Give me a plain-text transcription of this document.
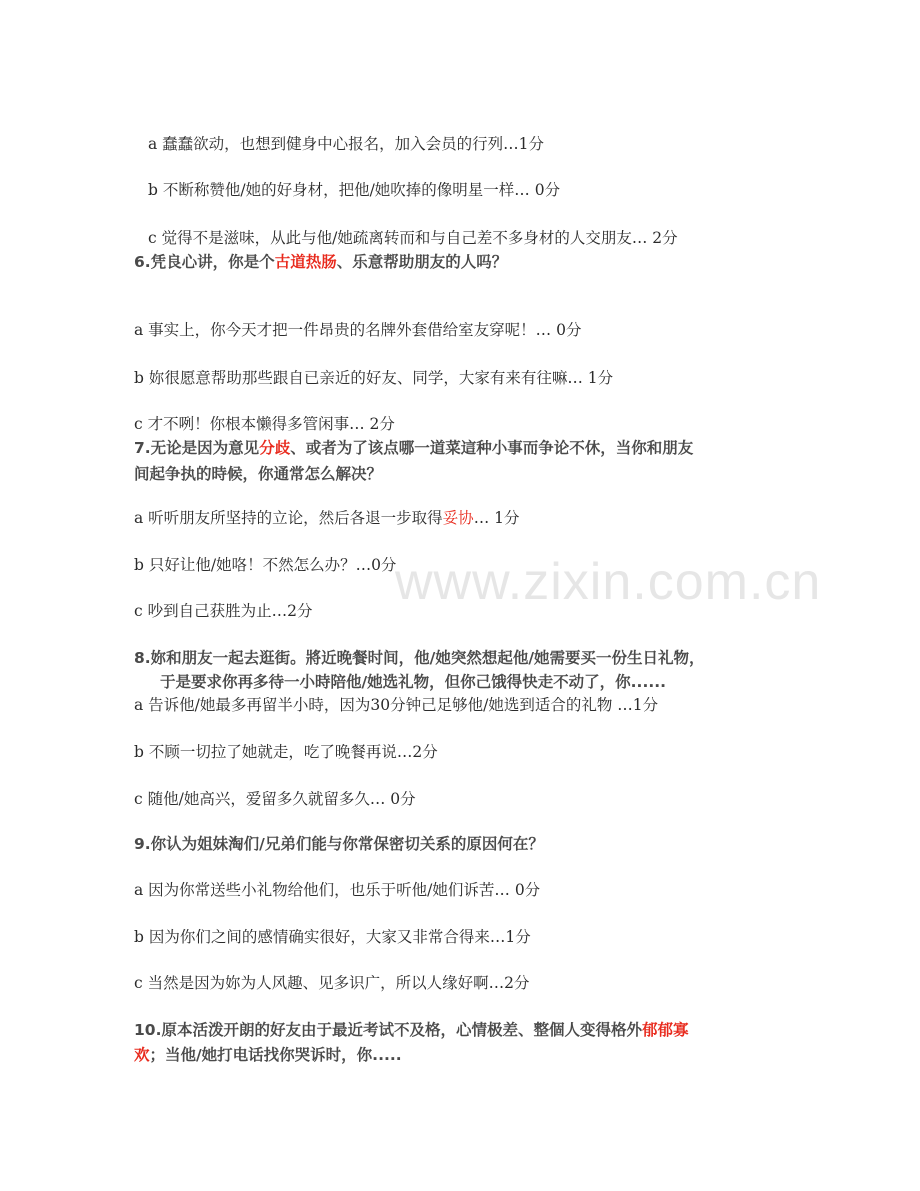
www.zixin.com.cn
a 蠢蠢欲动，也想到健身中心报名，加入会员的行列…1分
b 不断称赞他/她的好身材，把他/她吹捧的像明星一样… 0分
c 觉得不是滋味，从此与他/她疏离转而和与自己差不多身材的人交朋友… 2分
6.凭良心讲，你是个古道热肠、乐意帮助朋友的人吗？
a 事实上，你今天才把一件昂贵的名牌外套借给室友穿呢！… 0分
b 妳很愿意帮助那些跟自已亲近的好友、同学，大家有来有往嘛… 1分
c 才不咧！你根本懒得多管闲事… 2分
7.无论是因为意见分歧、或者为了该点哪一道菜這种小事而争论不休，当你和朋友
间起争执的時候，你通常怎么解决？
a 听听朋友所坚持的立论，然后各退一步取得妥协… 1分
b 只好让他/她咯！不然怎么办？…0分
c 吵到自己获胜为止…2分
8.妳和朋友一起去逛街。將近晚餐时间，他/她突然想起他/她需要买一份生日礼物，
于是要求你再多待一小時陪他/她选礼物，但你己饿得快走不动了，你......
a 告诉他/她最多再留半小時，因为30分钟己足够他/她选到适合的礼物 …1分
b 不顾一切拉了她就走，吃了晚餐再说…2分
c 随他/她高兴，爱留多久就留多久… 0分
9.你认为姐妹淘们/兄弟们能与你常保密切关系的原因何在？
a 因为你常送些小礼物给他们，也乐于听他/她们诉苦… 0分
b 因为你们之间的感情确实很好，大家又非常合得来…1分
c 当然是因为妳为人风趣、见多识广，所以人缘好啊…2分
10.原本活泼开朗的好友由于最近考试不及格，心情极差、整個人变得格外郁郁寡
欢；当他/她打电话找你哭诉时，你.....
